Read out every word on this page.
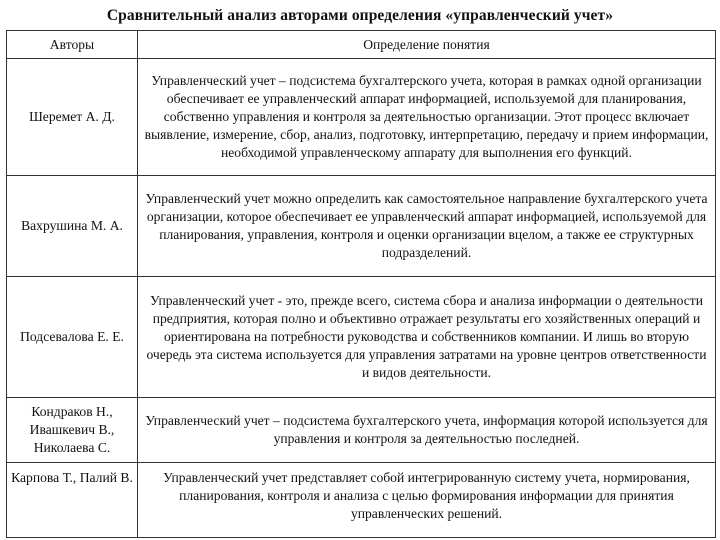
Сравнительный анализ авторами определения «управленческий учет»
Авторы	Определение понятия
Шеремет А. Д.	Управленческий учет – подсистема бухгалтерского учета, которая в рамках одной организации обеспечивает ее управленческий аппарат информацией, используемой для планирования, собственно управления и контроля за деятельностью организации. Этот процесс включает выявление, измерение, сбор, анализ, подготовку, интерпретацию, передачу и прием информации, необходимой управленческому аппарату для выполнения его функций.
Вахрушина М. А.	Управленческий учет можно определить как самостоятельное направление бухгалтерского учета организации, которое обеспечивает ее управленческий аппарат информацией, используемой для планирования, управления, контроля и оценки организации вцелом, а также ее структурных подразделений.
Подсевалова Е. Е.	Управленческий учет - это, прежде всего, система сбора и анализа информации о деятельности предприятия, которая полно и объективно отражает результаты его хозяйственных операций и ориентирована на потребности руководства и собственников компании. И лишь во вторую очередь эта система используется для управления затратами на уровне центров ответственности и видов деятельности.
Кондраков Н., Ивашкевич В., Николаева С.	Управленческий учет – подсистема бухгалтерского учета, информация которой используется для управления и контроля за деятельностью последней.
Карпова Т., Палий В.	Управленческий учет представляет собой интегрированную систему учета, нормирования, планирования, контроля и анализа с целью формирования информации для принятия управленческих решений.
